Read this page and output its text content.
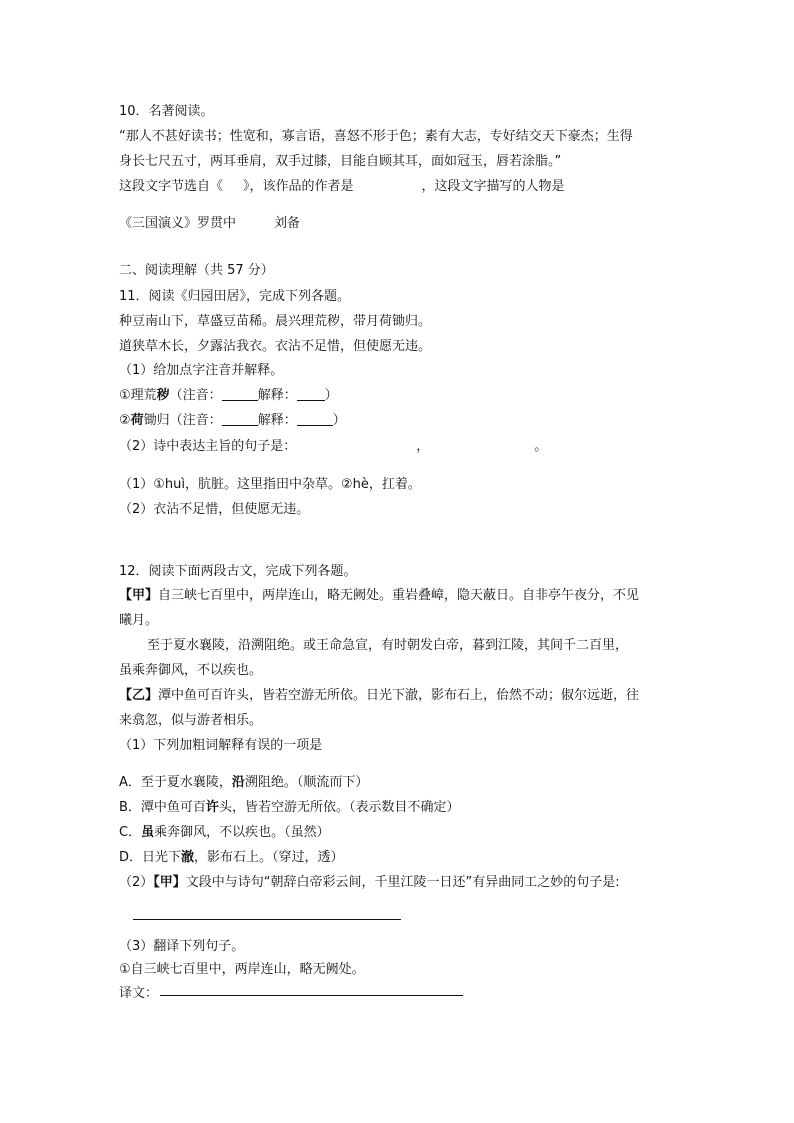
10．名著阅读。
“那人不甚好读书；性宽和，寡言语，喜怒不形于色；素有大志，专好结交天下豪杰；生得
身长七尺五寸，两耳垂肩，双手过膝，目能自顾其耳，面如冠玉，唇若涂脂。”
这段文字节选自《 》，该作品的作者是	，这段文字描写的人物是
《三国演义》罗贯中	刘备
二、阅读理解（共 57 分）
11．阅读《归园田居》，完成下列各题。
种豆南山下，草盛豆苗稀。晨兴理荒秽，带月荷锄归。
道狭草木长，夕露沾我衣。衣沾不足惜，但使愿无违。
（1）给加点字注音并解释。
①理荒秽（注音：	解释： ）
②荷锄归（注音：	解释：	）
（2）诗中表达主旨的句子是：	，	。
（1）①huì，肮脏。这里指田中杂草。②hè，扛着。
（2）衣沾不足惜，但使愿无违。
12．阅读下面两段古文，完成下列各题。
【甲】自三峡七百里中，两岸连山，略无阙处。重岩叠嶂，隐天蔽日。自非亭午夜分，不见
曦月。
至于夏水襄陵，沿溯阻绝。或王命急宣，有时朝发白帝，暮到江陵，其间千二百里，
虽乘奔御风，不以疾也。
【乙】潭中鱼可百许头，皆若空游无所依。日光下澈，影布石上，佁然不动；俶尔远逝，往
来翕忽，似与游者相乐。
（1）下列加粗词解释有误的一项是
A．至于夏水襄陵，沿溯阻绝。（顺流而下）
B．潭中鱼可百许头，皆若空游无所依。（表示数目不确定）
C．虽乘奔御风，不以疾也。（虽然）
D．日光下澈，影布石上。（穿过，透）
（2）【甲】文段中与诗句“朝辞白帝彩云间，千里江陵一日还”有异曲同工之妙的句子是:
（3）翻译下列句子。
①自三峡七百里中，两岸连山，略无阙处。
译文：
